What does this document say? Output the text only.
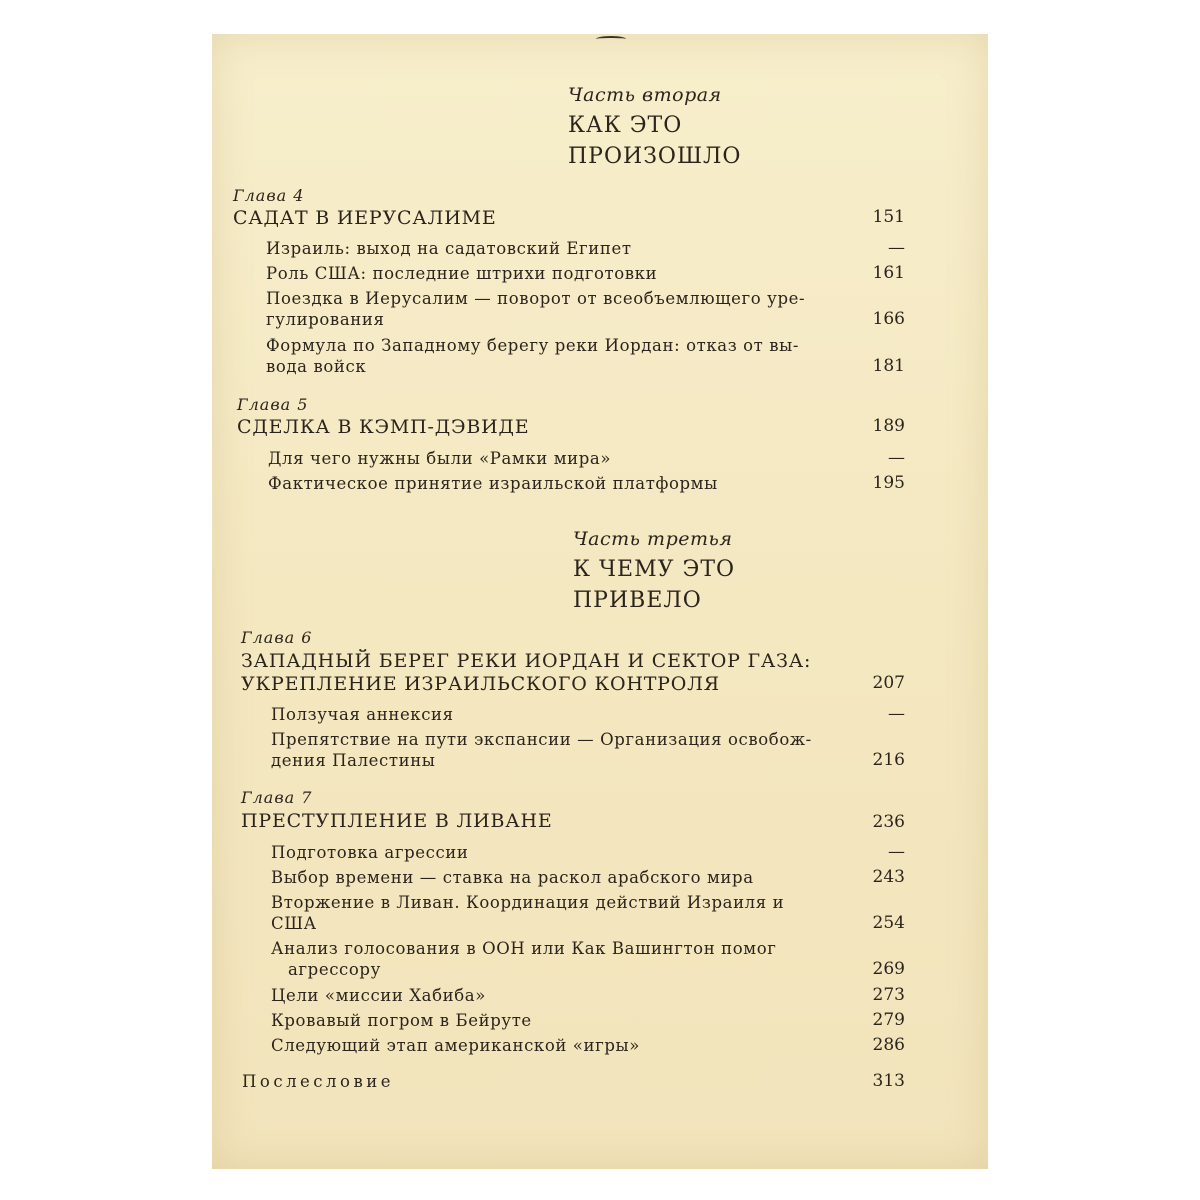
Часть вторая
КАК ЭТО
ПРОИЗОШЛО
Глава 4
САДАТ В ИЕРУСАЛИМЕ	151
Израиль: выход на садатовский Египет	—
Роль США: последние штрихи подготовки	161
Поездка в Иерусалим — поворот от всеобъемлющего уре-
гулирования	166
Формула по Западному берегу реки Иордан: отказ от вы-
вода войск	181
Глава 5
СДЕЛКА В КЭМП-ДЭВИДЕ	189
Для чего нужны были «Рамки мира»	—
Фактическое принятие израильской платформы	195
Часть третья
К ЧЕМУ ЭТО
ПРИВЕЛО
Глава 6
ЗАПАДНЫЙ БЕРЕГ РЕКИ ИОРДАН И СЕКТОР ГАЗА:
УКРЕПЛЕНИЕ ИЗРАИЛЬСКОГО КОНТРОЛЯ	207
Ползучая аннексия	—
Препятствие на пути экспансии — Организация освобож-
дения Палестины	216
Глава 7
ПРЕСТУПЛЕНИЕ В ЛИВАНЕ	236
Подготовка агрессии	—
Выбор времени — ставка на раскол арабского мира	243
Вторжение в Ливан. Координация действий Израиля и
США	254
Анализ голосования в ООН или Как Вашингтон помог
агрессору	269
Цели «миссии Хабиба»	273
Кровавый погром в Бейруте	279
Следующий этап американской «игры»	286
Послесловие	313
